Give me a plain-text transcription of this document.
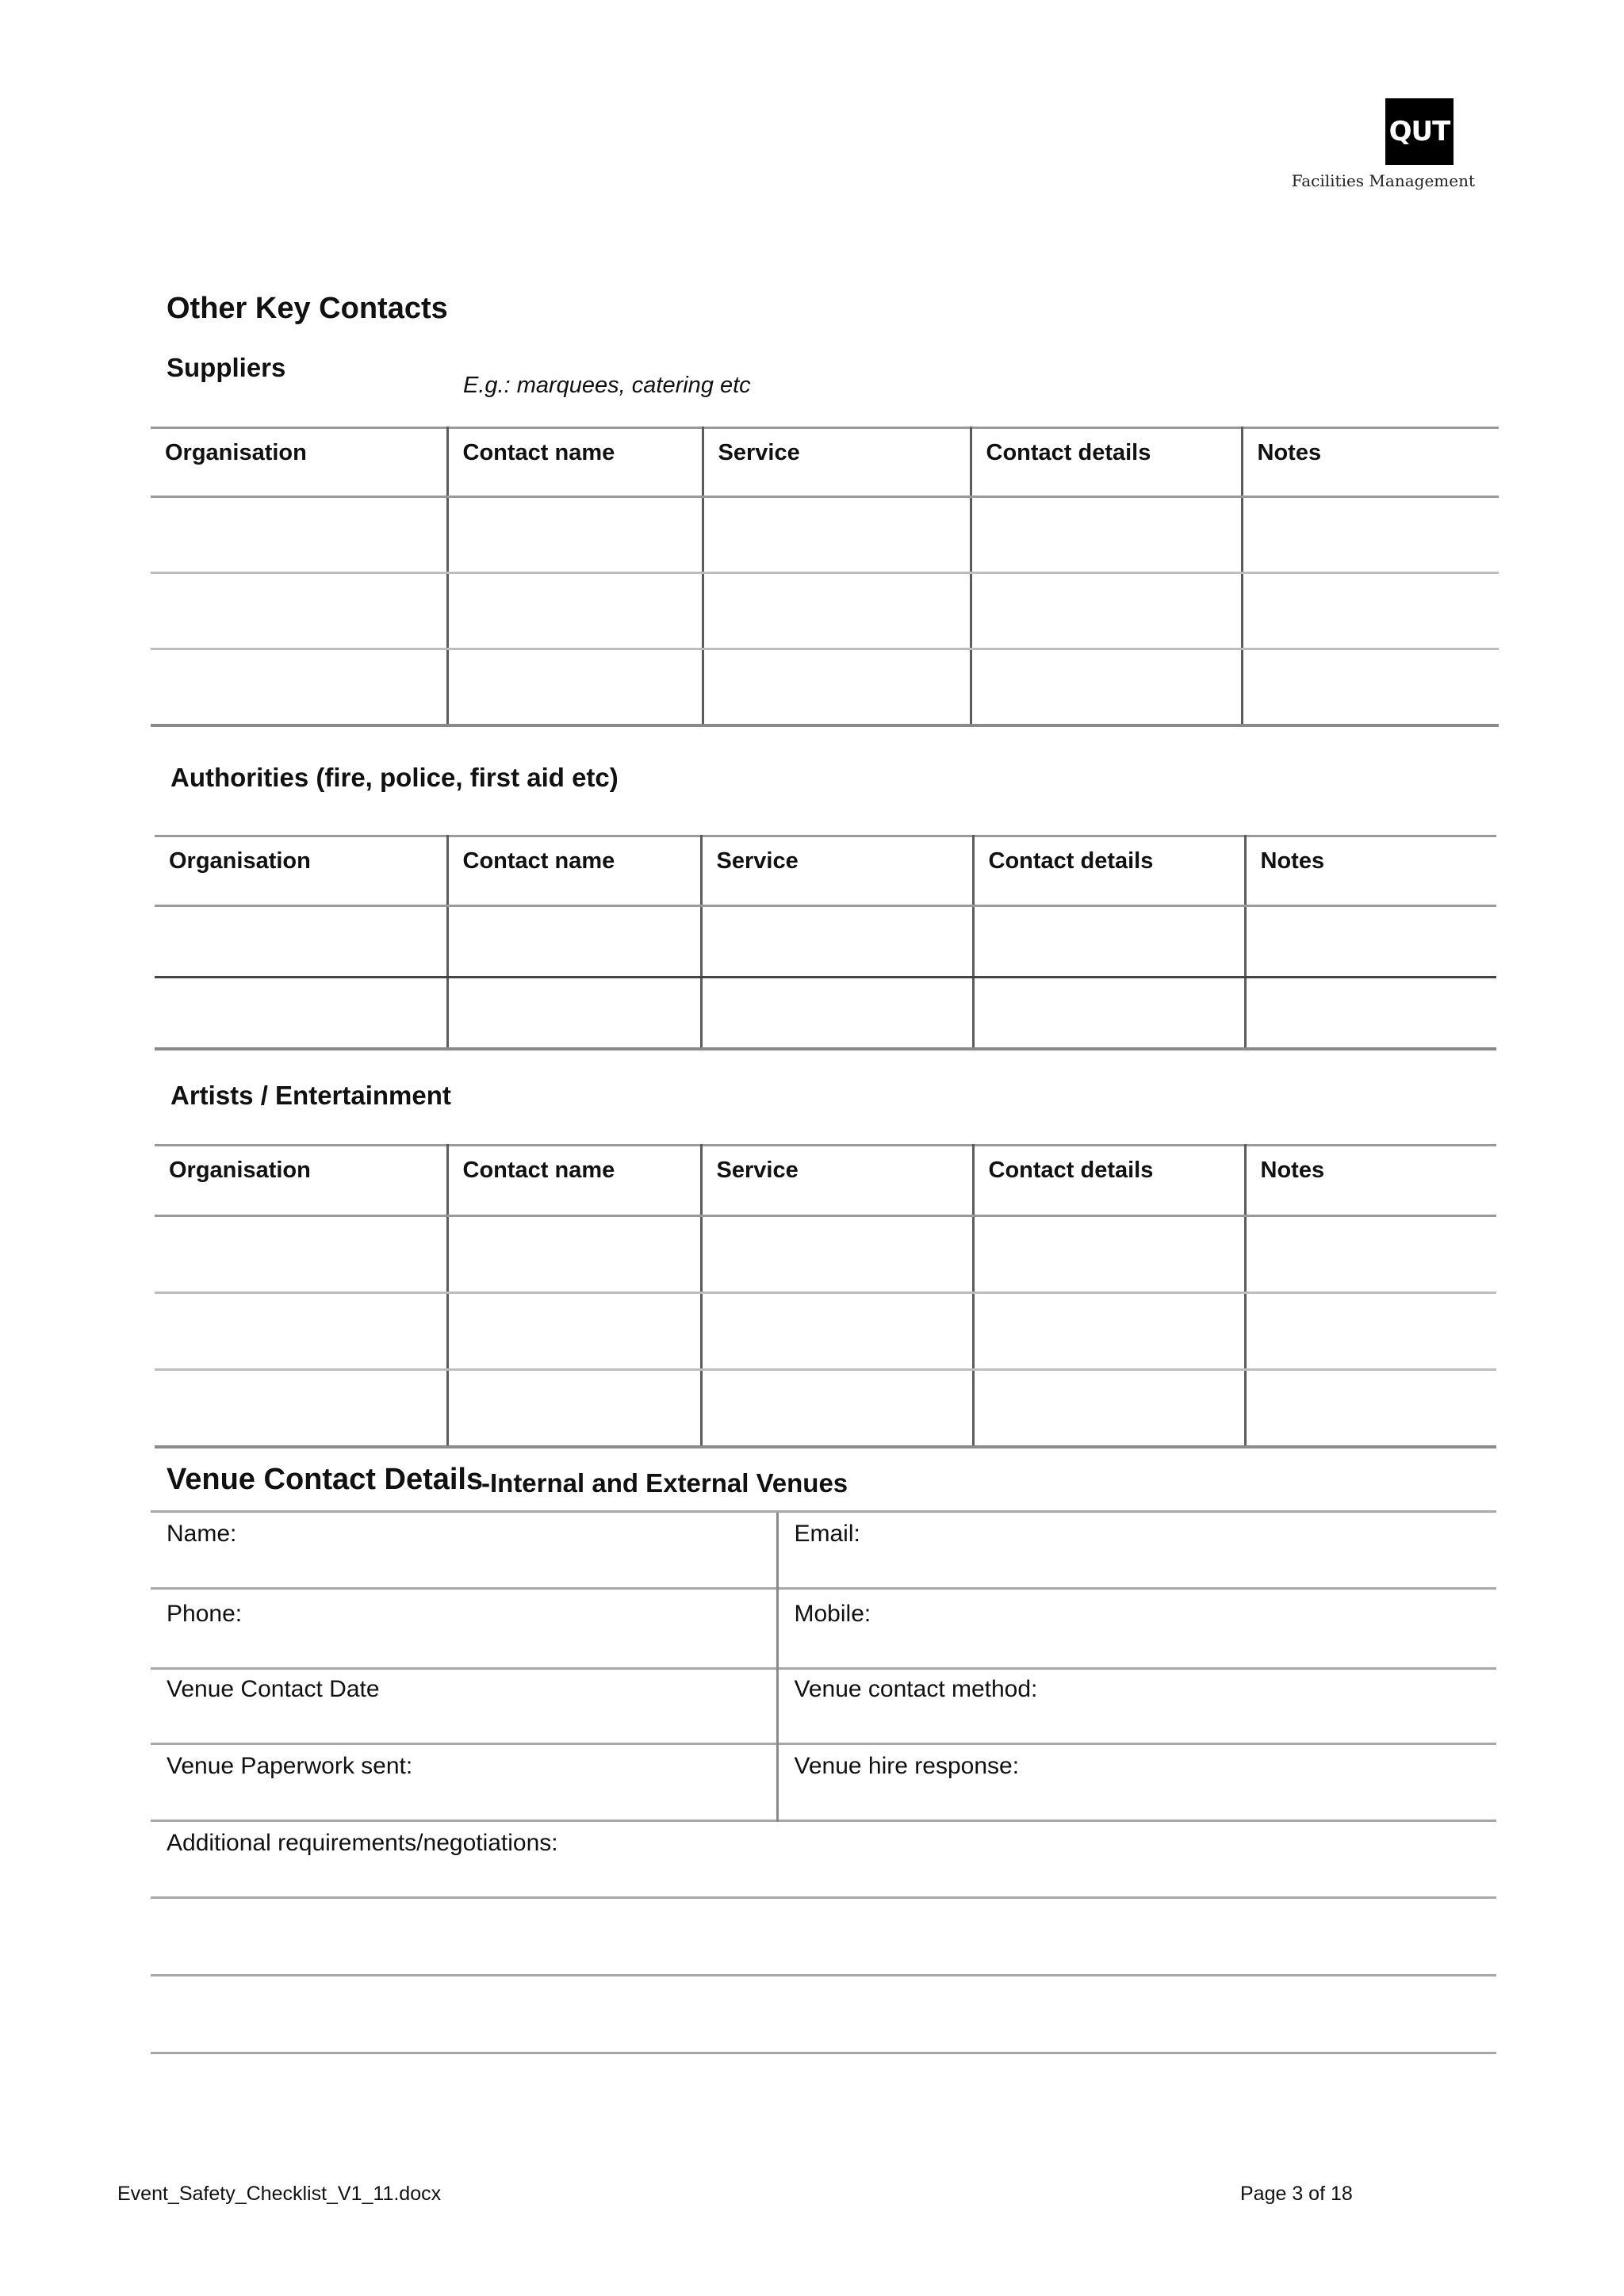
QUT
Facilities Management
Other Key Contacts
Suppliers
E.g.: marquees, catering etc
Organisation	Contact name	Service	Contact details	Notes

Authorities (fire, police, first aid etc)
Organisation	Contact name	Service	Contact details	Notes

Artists / Entertainment
Organisation	Contact name	Service	Contact details	Notes

Venue Contact Details
-Internal and External Venues
Name:	Email:
Phone:	Mobile:
Venue Contact Date	Venue contact method:
Venue Paperwork sent:	Venue hire response:
Additional requirements/negotiations:	

Event_Safety_Checklist_V1_11.docx	Page 3 of 18
